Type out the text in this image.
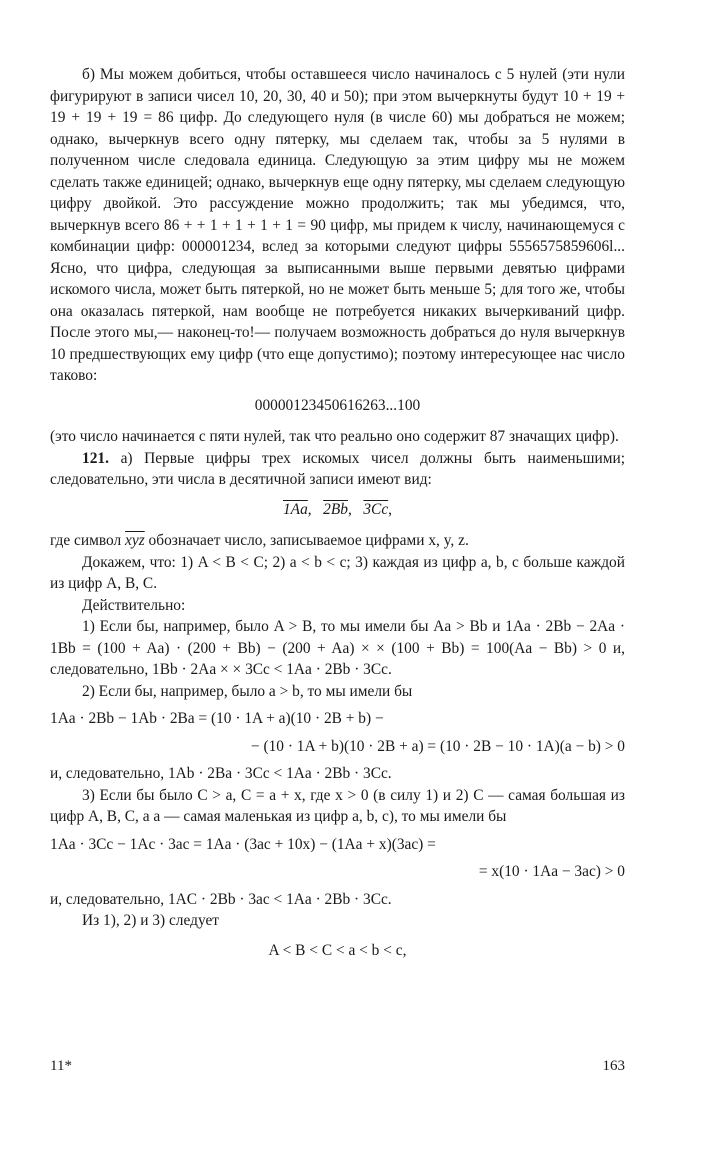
б) Мы можем добиться, чтобы оставшееся число начиналось с 5 нулей (эти нули фигурируют в записи чисел 10, 20, 30, 40 и 50); при этом вычеркнуты будут 10 + 19 + 19 + 19 + 19 = 86 цифр. До следующего нуля (в числе 60) мы добраться не можем; однако, вычеркнув всего одну пятерку, мы сделаем так, чтобы за 5 нулями в полученном числе следовала единица. Следующую за этим цифру мы не можем сделать также единицей; однако, вычеркнув еще одну пятерку, мы сделаем следующую цифру двойкой. Это рассуждение можно продолжить; так мы убедимся, что, вычеркнув всего 86 + + 1 + 1 + 1 + 1 = 90 цифр, мы придем к числу, начинающемуся с комбинации цифр: 000001234, вслед за которыми следуют цифры 5556575859606l... Ясно, что цифра, следующая за выписанными выше первыми девятью цифрами искомого числа, может быть пятеркой, но не может быть меньше 5; для того же, чтобы она оказалась пятеркой, нам вообще не потребуется никаких вычеркиваний цифр. После этого мы,— наконец-то!— получаем возможность добраться до нуля вычеркнув 10 предшествующих ему цифр (что еще допустимо); поэтому интересующее нас число таково:

00000123450616263...100

(это число начинается с пяти нулей, так что реально оно содержит 87 значащих цифр).

121. а) Первые цифры трех искомых чисел должны быть наименьшими; следовательно, эти числа в десятичной записи имеют вид:

1Aa,   2Bb,   3Cc,

где символ $\overline{xyz}$ обозначает число, записываемое цифрами x, y, z.

Докажем, что: 1) A < B < C; 2) a < b < c; 3) каждая из цифр a, b, c больше каждой из цифр A, B, C.

Действительно:

1) Если бы, например, было A > B, то мы имели бы Aa > Bb и 1Aa · 2Bb − 2Aa · 1Bb = (100 + Aa) · (200 + Bb) − (200 + Aa) × × (100 + Bb) = 100(Aa − Bb) > 0 и, следовательно, 1Bb · 2Aa × × 3Cc < 1Aa · 2Bb · 3Cc.

2) Если бы, например, было a > b, то мы имели бы

1Aa · 2Bb − 1Ab · 2Ba = (10 · 1A + a)(10 · 2B + b) −

− (10 · 1A + b)(10 · 2B + a) = (10 · 2B − 10 · 1A)(a − b) > 0

и, следовательно, 1Ab · 2Ba · 3Cc < 1Aa · 2Bb · 3Cc.

3) Если бы было C > a, C = a + x, где x > 0 (в силу 1) и 2) C — самая большая из цифр A, B, C, а a — самая маленькая из цифр a, b, c), то мы имели бы

1Aa · 3Cc − 1Ac · 3ac = 1Aa · (3ac + 10x) − (1Aa + x)(3ac) =

= x(10 · 1Aa − 3ac) > 0

и, следовательно, 1AC · 2Bb · 3ac < 1Aa · 2Bb · 3Cc.

Из 1), 2) и 3) следует

A < B < C < a < b < c,

11*	163
